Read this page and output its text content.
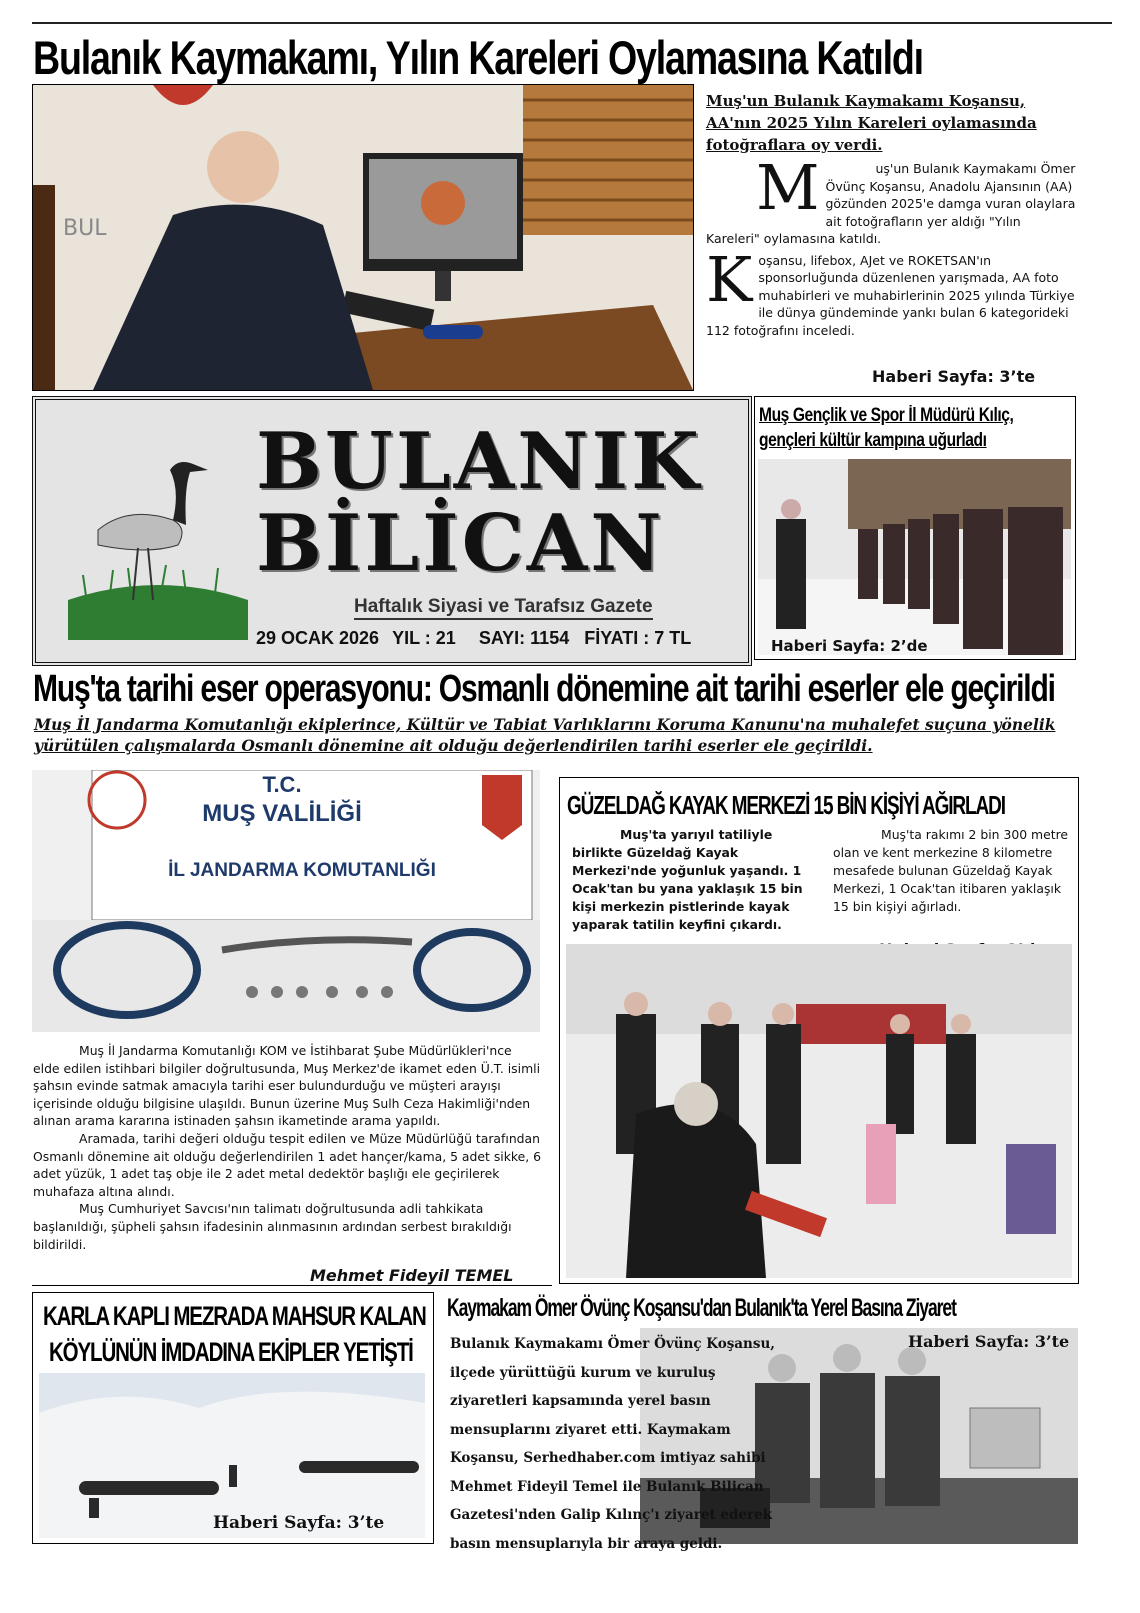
Bulanık Kaymakamı, Yılın Kareleri Oylamasına Katıldı
BUL
Muş'un Bulanık Kaymakamı Koşansu, AA'nın 2025 Yılın Kareleri oylamasında fotoğraflara oy verdi.

M	uş'un Bulanık Kaymakamı Ömer Övünç Koşansu, Anadolu Ajansının (AA) gözünden 2025'e damga vuran olaylara ait fotoğrafların yer aldığı "Yılın Kareleri" oylamasına katıldı.

Koşansu, lifebox, AJet ve ROKETSAN'ın sponsorluğunda düzenlenen yarışmada, AA foto muhabirleri ve muhabirlerinin 2025 yılında Türkiye ile dünya gündeminde yankı bulan 6 kategorideki 112 fotoğrafını inceledi.

Haberi Sayfa: 3’te
BULANIK
BİLİCAN
Haftalık Siyasi ve Tarafsız Gazete
29 OCAK 2026 YIL : 21 SAYI: 1154 FİYATI : 7 TL
Muş Gençlik ve Spor İl Müdürü Kılıç, gençleri kültür kampına uğurladı
Haberi Sayfa: 2’de
Muş'ta tarihi eser operasyonu: Osmanlı dönemine ait tarihi eserler ele geçirildi
Muş İl Jandarma Komutanlığı ekiplerince, Kültür ve Tabiat Varlıklarını Koruma Kanunu'na muhalefet suçuna yönelik yürütülen çalışmalarda Osmanlı dönemine ait olduğu değerlendirilen tarihi eserler ele geçirildi.
T.C.
MUŞ VALİLİĞİ
İL JANDARMA KOMUTANLIĞI

Muş İl Jandarma Komutanlığı KOM ve İstihbarat Şube Müdürlükleri'nce elde edilen istihbari bilgiler doğrultusunda, Muş Merkez'de ikamet eden Ü.T. isimli şahsın evinde satmak amacıyla tarihi eser bulundurduğu ve müşteri arayışı içerisinde olduğu bilgisine ulaşıldı. Bunun üzerine Muş Sulh Ceza Hakimliği'nden alınan arama kararına istinaden şahsın ikametinde arama yapıldı.

Aramada, tarihi değeri olduğu tespit edilen ve Müze Müdürlüğü tarafından Osmanlı dönemine ait olduğu değerlendirilen 1 adet hançer/kama, 5 adet sikke, 6 adet yüzük, 1 adet taş obje ile 2 adet metal dedektör başlığı ele geçirilerek muhafaza altına alındı.

Muş Cumhuriyet Savcısı'nın talimatı doğrultusunda adli tahkikata başlanıldığı, şüpheli şahsın ifadesinin alınmasının ardından serbest bırakıldığı bildirildi.

Mehmet Fideyil TEMEL
GÜZELDAĞ KAYAK MERKEZİ 15 BİN KİŞİYİ AĞIRLADI
Muş'ta yarıyıl tatiliyle birlikte Güzeldağ Kayak Merkezi'nde yoğunluk yaşandı. 1 Ocak'tan bu yana yaklaşık 15 bin kişi merkezin pistlerinde kayak yaparak tatilin keyfini çıkardı.
Muş'ta rakımı 2 bin 300 metre olan ve kent merkezine 8 kilometre mesafede bulunan Güzeldağ Kayak Merkezi, 1 Ocak'tan itibaren yaklaşık 15 bin kişiyi ağırladı.
KARLA KAPLI MEZRADA MAHSUR KALAN
KÖYLÜNÜN İMDADINA EKİPLER YETİŞTİ
Haberi Sayfa: 3’te
Kaymakam Ömer Övünç Koşansu'dan Bulanık'ta Yerel Basına Ziyaret
Bulanık Kaymakamı Ömer Övünç Koşansu, ilçede yürüttüğü kurum ve kuruluş ziyaretleri kapsamında yerel basın mensuplarını ziyaret etti. Kaymakam Koşansu, Serhedhaber.com imtiyaz sahibi Mehmet Fideyil Temel ile Bulanık Bilican Gazetesi'nden Galip Kılınç'ı ziyaret ederek basın mensuplarıyla bir araya geldi.
Haberi Sayfa: 3’te
